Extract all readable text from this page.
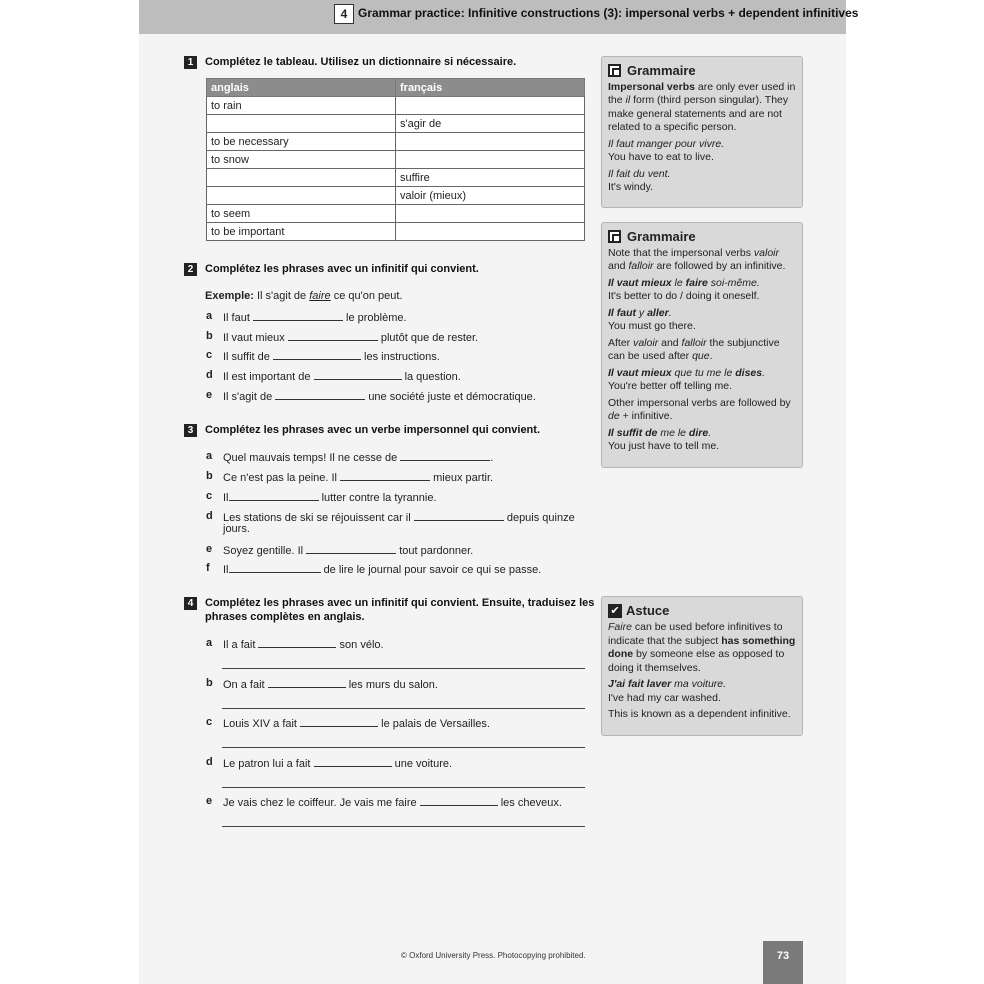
4 Grammar practice: Infinitive constructions (3): impersonal verbs + dependent infinitives
1	Complétez le tableau. Utilisez un dictionnaire si nécessaire.
anglais	français
to rain	
	s'agir de
to be necessary	
to snow	
	suffire
	valoir (mieux)
to seem	
to be important	
2	Complétez les phrases avec un infinitif qui convient.
Exemple: Il s'agit de faire ce qu'on peut.
a Il faut	le problème.
b Il vaut mieux	plutôt que de rester.
c Il suffit de	les instructions.
d Il est important de	la question.
e Il s'agit de	une société juste et démocratique.
3	Complétez les phrases avec un verbe impersonnel qui convient.
a Quel mauvais temps! Il ne cesse de	.
b Ce n'est pas la peine. Il	mieux partir.
c Il	lutter contre la tyrannie.
d Les stations de ski se réjouissent car il	depuis quinze
jours.
e Soyez gentille. Il	tout pardonner.
f Il	de lire le journal pour savoir ce qui se passe.
4	Complétez les phrases avec un infinitif qui convient. Ensuite, traduisez les
phrases complètes en anglais.
a Il a fait	son vélo.
b On a fait	les murs du salon.
c Louis XIV a fait	le palais de Versailles.
d Le patron lui a fait	une voiture.
e Je vais chez le coiffeur. Je vais me faire	les cheveux.
Grammaire

Impersonal verbs are only ever used in the il form (third person singular). They make general statements and are not related to a specific person.

Il faut manger pour vivre.

You have to eat to live.

Il fait du vent.

It's windy.

Grammaire

Note that the impersonal verbs valoir and falloir are followed by an infinitive.

Il vaut mieux le faire soi-même.

It's better to do / doing it oneself.

Il faut y aller.

You must go there.

After valoir and falloir the subjunctive can be used after que.

Il vaut mieux que tu me le dises.

You're better off telling me.

Other impersonal verbs are followed by de + infinitive.

Il suffit de me le dire.

You just have to tell me.

✔ Astuce

Faire can be used before infinitives to indicate that the subject has something done by someone else as opposed to doing it themselves.

J'ai fait laver ma voiture.

I've had my car washed.

This is known as a dependent infinitive.

© Oxford University Press. Photocopying prohibited.	73
